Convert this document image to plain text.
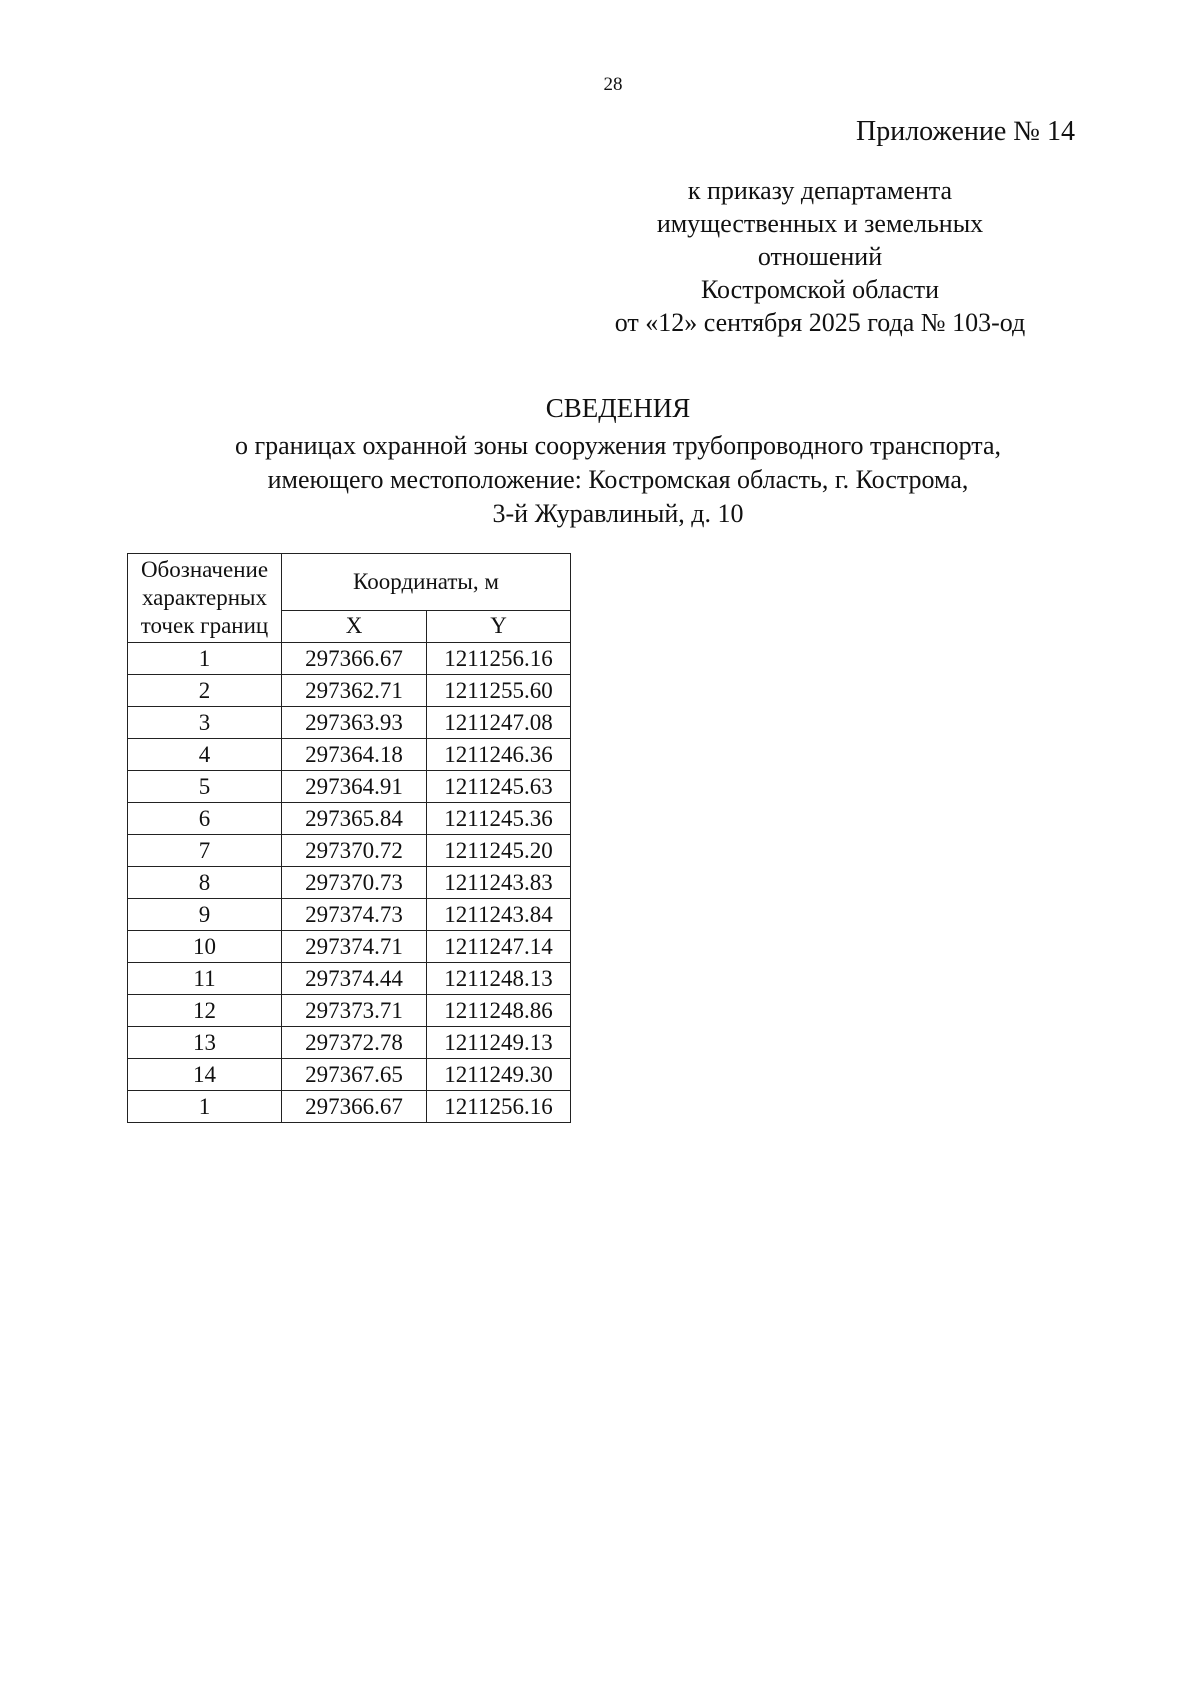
28
Приложение № 14
к приказу департамента
имущественных и земельных
отношений
Костромской области
от «12» сентября 2025 года № 103-од
СВЕДЕНИЯ
о границах охранной зоны сооружения трубопроводного транспорта,
имеющего местоположение: Костромская область, г. Кострома,
3-й Журавлиный, д. 10
Обозначение
характерных
точек границ	Координаты, м	
	X	Y
1	297366.67	1211256.16
2	297362.71	1211255.60
3	297363.93	1211247.08
4	297364.18	1211246.36
5	297364.91	1211245.63
6	297365.84	1211245.36
7	297370.72	1211245.20
8	297370.73	1211243.83
9	297374.73	1211243.84
10	297374.71	1211247.14
11	297374.44	1211248.13
12	297373.71	1211248.86
13	297372.78	1211249.13
14	297367.65	1211249.30
1	297366.67	1211256.16
